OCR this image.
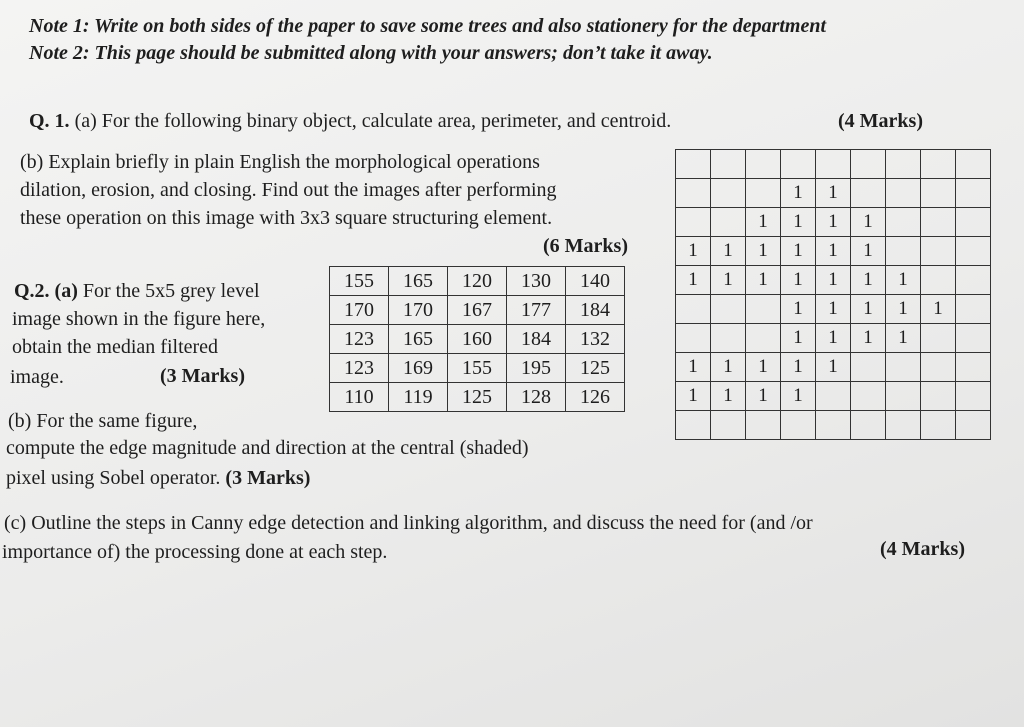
Note 1: Write on both sides of the paper to save some trees and also stationery for the department
Note 2: This page should be submitted along with your answers; don’t take it away.
Q. 1. (a) For the following binary object, calculate area, perimeter, and centroid.	(4 Marks)
(b) Explain briefly in plain English the morphological operations
dilation, erosion, and closing. Find out the images after performing
these operation on this image with 3x3 square structuring element.
(6 Marks)
Q.2. (a) For the 5x5 grey level
image shown in the figure here,
obtain the median filtered
image.	(3 Marks)
155	165	120	130	140
170	170	167	177	184
123	165	160	184	132
123	169	155	195	125
110	119	125	128	126

			1	1				
		1	1	1	1			
1	1	1	1	1	1			
1	1	1	1	1	1	1		
			1	1	1	1	1	
			1	1	1	1		
1	1	1	1	1				
1	1	1	1					

(b) For the same figure,
compute the edge magnitude and direction at the central (shaded)
pixel using Sobel operator. (3 Marks)
(c) Outline the steps in Canny edge detection and linking algorithm, and discuss the need for (and /or
importance of) the processing done at each step.	(4 Marks)
